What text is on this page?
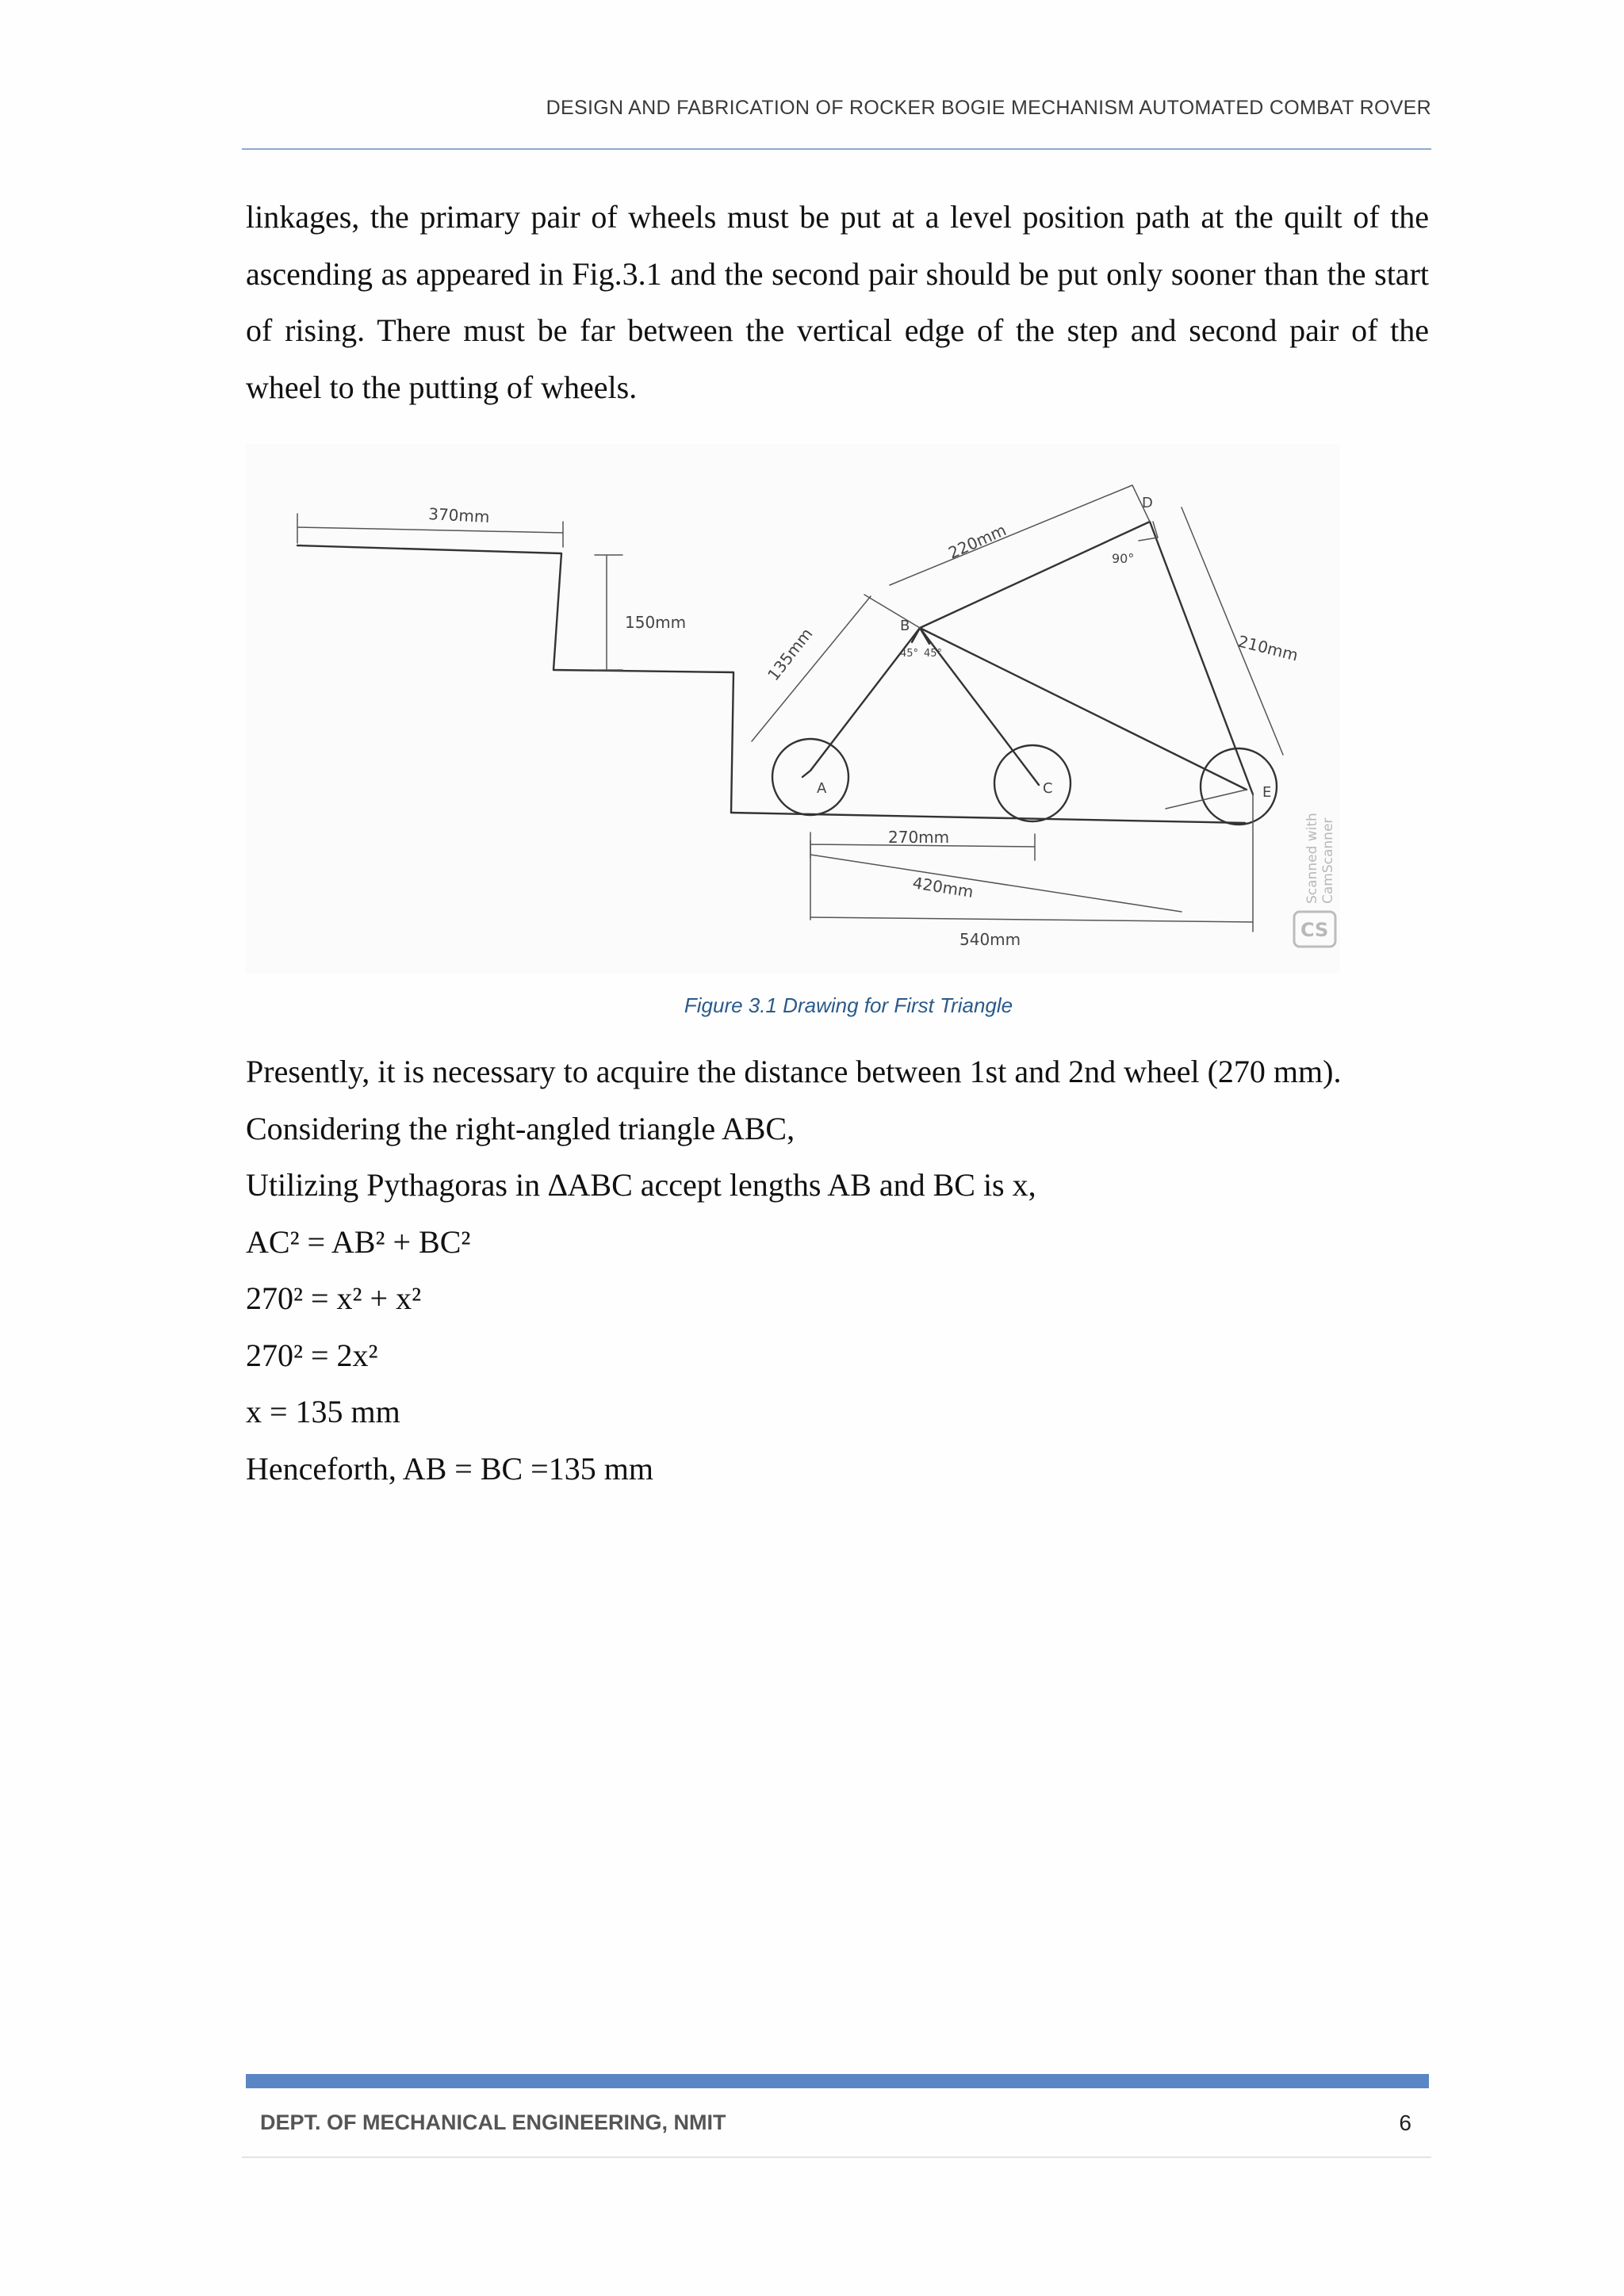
DESIGN AND FABRICATION OF ROCKER BOGIE MECHANISM AUTOMATED COMBAT ROVER

linkages, the primary pair of wheels must be put at a level position path at the quilt of the ascending as appeared in Fig.3.1 and the second pair should be put only sooner than the start of rising. There must be far between the vertical edge of the step and second pair of the wheel to the putting of wheels.

370mm
150mm
135mm
220mm
210mm
90°
45° 45°
270mm
420mm
540mm
A
B
C
D
E
Scanned with CamScanner
CS
Figure 3.1 Drawing for First Triangle

Presently, it is necessary to acquire the distance between 1st and 2nd wheel (270 mm).

Considering the right-angled triangle ABC,

Utilizing Pythagoras in ∆ABC accept lengths AB and BC is x,

AC² = AB² + BC²

270² = x² + x²

270² = 2x²

x = 135 mm

Henceforth, AB = BC =135 mm

DEPT. OF MECHANICAL ENGINEERING, NMIT	6
